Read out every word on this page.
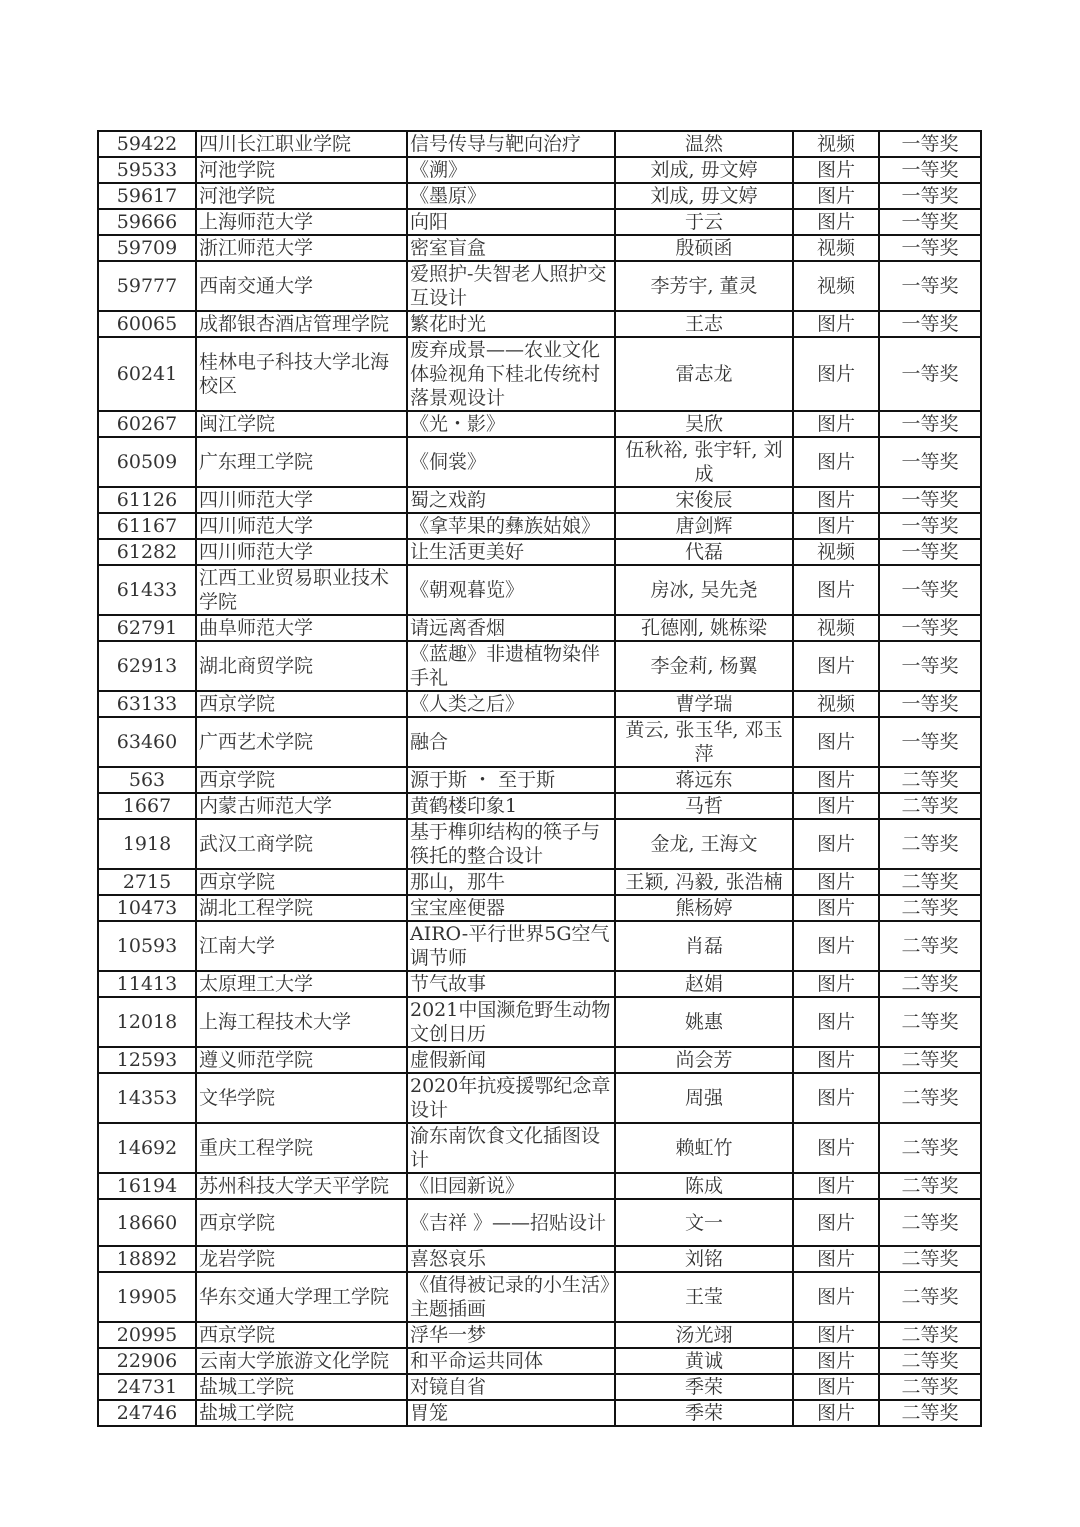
59422	四川长江职业学院	信号传导与靶向治疗	温然	视频	一等奖
59533	河池学院	《溯》	刘成, 毋文婷	图片	一等奖
59617	河池学院	《墨原》	刘成, 毋文婷	图片	一等奖
59666	上海师范大学	向阳	于云	图片	一等奖
59709	浙江师范大学	密室盲盒	殷硕函	视频	一等奖
59777	西南交通大学	爱照护-失智老人照护交互设计	李芳宇, 董灵	视频	一等奖
60065	成都银杏酒店管理学院	繁花时光	王志	图片	一等奖
60241	桂林电子科技大学北海校区	废弃成景——农业文化体验视角下桂北传统村落景观设计	雷志龙	图片	一等奖
60267	闽江学院	《光・影》	吴欣	图片	一等奖
60509	广东理工学院	《侗裳》	伍秋裕, 张宇轩, 刘成	图片	一等奖
61126	四川师范大学	蜀之戏韵	宋俊辰	图片	一等奖
61167	四川师范大学	《拿苹果的彝族姑娘》	唐剑辉	图片	一等奖
61282	四川师范大学	让生活更美好	代磊	视频	一等奖
61433	江西工业贸易职业技术学院	《朝观暮览》	房冰, 吴先尧	图片	一等奖
62791	曲阜师范大学	请远离香烟	孔德刚, 姚栋梁	视频	一等奖
62913	湖北商贸学院	《蓝趣》非遗植物染伴手礼	李金莉, 杨翼	图片	一等奖
63133	西京学院	《人类之后》	曹学瑞	视频	一等奖
63460	广西艺术学院	融合	黄云, 张玉华, 邓玉萍	图片	一等奖
563	西京学院	源于斯 ・ 至于斯	蒋远东	图片	二等奖
1667	内蒙古师范大学	黄鹤楼印象1	马哲	图片	二等奖
1918	武汉工商学院	基于榫卯结构的筷子与筷托的整合设计	金龙, 王海文	图片	二等奖
2715	西京学院	那山，那牛	王颖, 冯毅, 张浩楠	图片	二等奖
10473	湖北工程学院	宝宝座便器	熊杨婷	图片	二等奖
10593	江南大学	AIRO-平行世界5G空气调节师	肖磊	图片	二等奖
11413	太原理工大学	节气故事	赵娟	图片	二等奖
12018	上海工程技术大学	2021中国濒危野生动物文创日历	姚惠	图片	二等奖
12593	遵义师范学院	虚假新闻	尚会芳	图片	二等奖
14353	文华学院	2020年抗疫援鄂纪念章设计	周强	图片	二等奖
14692	重庆工程学院	渝东南饮食文化插图设计	赖虹竹	图片	二等奖
16194	苏州科技大学天平学院	《旧园新说》	陈成	图片	二等奖
18660	西京学院	《吉祥 》——招贴设计	文一	图片	二等奖
18892	龙岩学院	喜怒哀乐	刘铭	图片	二等奖
19905	华东交通大学理工学院	《值得被记录的小生活》主题插画	王莹	图片	二等奖
20995	西京学院	浮华一梦	汤光翊	图片	二等奖
22906	云南大学旅游文化学院	和平命运共同体	黄诚	图片	二等奖
24731	盐城工学院	对镜自省	季荣	图片	二等奖
24746	盐城工学院	胃笼	季荣	图片	二等奖
